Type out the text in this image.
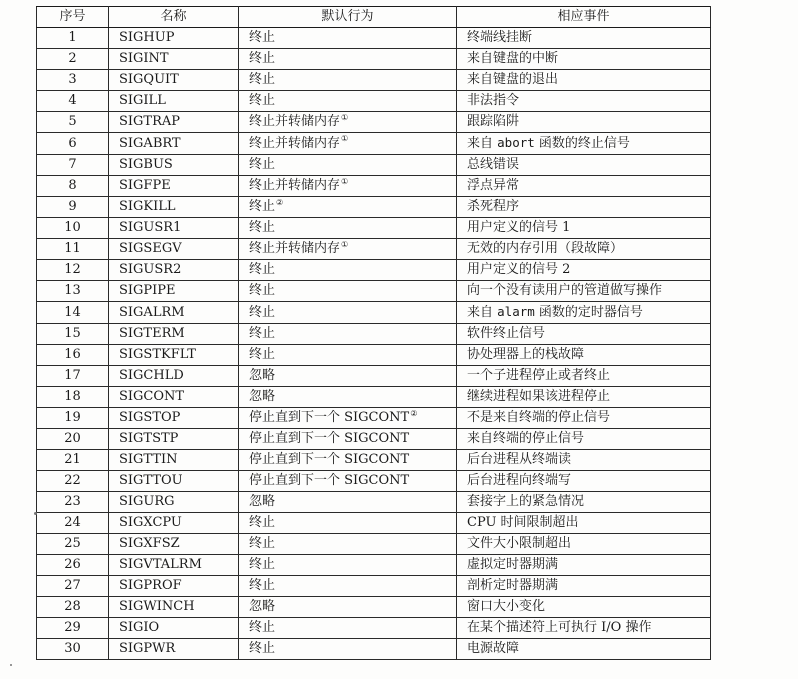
序号	名称	默认行为	相应事件
1	SIGHUP	终止	终端线挂断
2	SIGINT	终止	来自键盘的中断
3	SIGQUIT	终止	来自键盘的退出
4	SIGILL	终止	非法指令
5	SIGTRAP	终止并转储内存①	跟踪陷阱
6	SIGABRT	终止并转储内存①	来自 abort 函数的终止信号
7	SIGBUS	终止	总线错误
8	SIGFPE	终止并转储内存①	浮点异常
9	SIGKILL	终止②	杀死程序
10	SIGUSR1	终止	用户定义的信号 1
11	SIGSEGV	终止并转储内存①	无效的内存引用（段故障）
12	SIGUSR2	终止	用户定义的信号 2
13	SIGPIPE	终止	向一个没有读用户的管道做写操作
14	SIGALRM	终止	来自 alarm 函数的定时器信号
15	SIGTERM	终止	软件终止信号
16	SIGSTKFLT	终止	协处理器上的栈故障
17	SIGCHLD	忽略	一个子进程停止或者终止
18	SIGCONT	忽略	继续进程如果该进程停止
19	SIGSTOP	停止直到下一个 SIGCONT②	不是来自终端的停止信号
20	SIGTSTP	停止直到下一个 SIGCONT	来自终端的停止信号
21	SIGTTIN	停止直到下一个 SIGCONT	后台进程从终端读
22	SIGTTOU	停止直到下一个 SIGCONT	后台进程向终端写
23	SIGURG	忽略	套接字上的紧急情况
24	SIGXCPU	终止	CPU 时间限制超出
25	SIGXFSZ	终止	文件大小限制超出
26	SIGVTALRM	终止	虚拟定时器期满
27	SIGPROF	终止	剖析定时器期满
28	SIGWINCH	忽略	窗口大小变化
29	SIGIO	终止	在某个描述符上可执行 I/O 操作
30	SIGPWR	终止	电源故障
